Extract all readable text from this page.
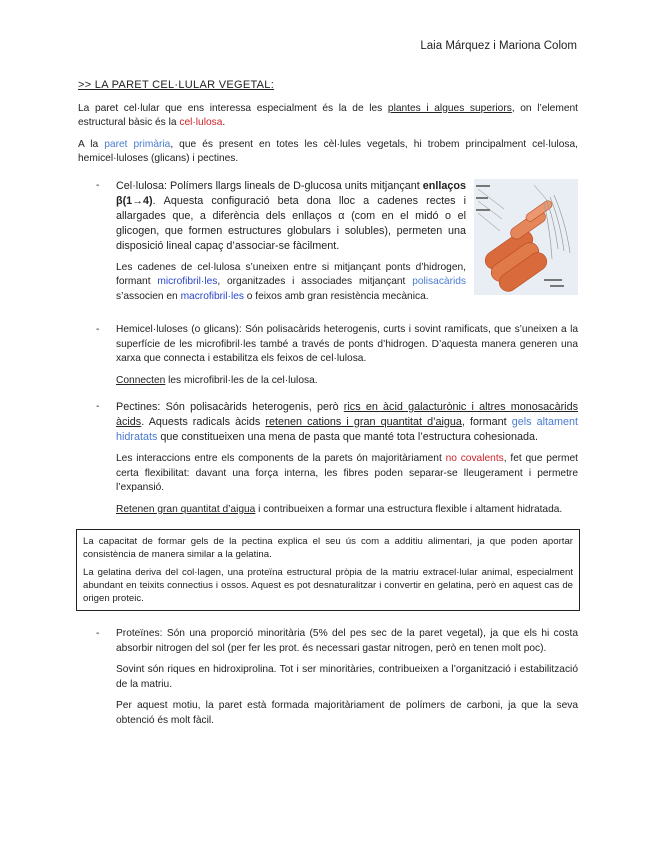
Laia Márquez i Mariona Colom
>> LA PARET CEL·LULAR VEGETAL:

La paret cel·lular que ens interessa especialment és la de les plantes i algues superiors, on l’element estructural bàsic és la cel·lulosa.

A la paret primària, que és present en totes les cèl·lules vegetals, hi trobem principalment cel·lulosa, hemicel·luloses (glicans) i pectines.

- Cel·lulosa: Polímers llargs lineals de D-glucosa units mitjançant enllaços β(1→4). Aquesta configuració beta dona lloc a cadenes rectes i allargades que, a diferència dels enllaços α (com en el midó o el glicogen, que formen estructures globulars i solubles), permeten una disposició lineal capaç d’associar-se fàcilment.

Les cadenes de cel·lulosa s’uneixen entre si mitjançant ponts d’hidrogen, formant microfibril·les, organitzades i associades mitjançant polisacàrids s’associen en macrofibril·les o feixos amb gran resistència mecànica.

- Hemicel·luloses (o glicans): Són polisacàrids heterogenis, curts i sovint ramificats, que s’uneixen a la superfície de les microfibril·les també a través de ponts d’hidrogen. D’aquesta manera generen una xarxa que connecta i estabilitza els feixos de cel·lulosa.

Connecten les microfibril·les de la cel·lulosa.

- Pectines: Són polisacàrids heterogenis, però rics en àcid galacturònic i altres monosacàrids àcids. Aquests radicals àcids retenen cations i gran quantitat d’aigua, formant gels altament hidratats que constitueixen una mena de pasta que manté tota l’estructura cohesionada.

Les interaccions entre els components de la parets ón majoritàriament no covalents, fet que permet certa flexibilitat: davant una força interna, les fibres poden separar-se lleugerament i permetre l’expansió.

Retenen gran quantitat d’aigua i contribueixen a formar una estructura flexible i altament hidratada.

La capacitat de formar gels de la pectina explica el seu ús com a additiu alimentari, ja que poden aportar consistència de manera similar a la gelatina.

La gelatina deriva del col·lagen, una proteïna estructural pròpia de la matriu extracel·lular animal, especialment abundant en teixits connectius i ossos. Aquest es pot desnaturalitzar i convertir en gelatina, però en aquest cas de origen proteic.

- Proteïnes: Són una proporció minoritària (5% del pes sec de la paret vegetal), ja que els hi costa absorbir nitrogen del sol (per fer les prot. és necessari gastar nitrogen, però en tenen molt poc).

Sovint són riques en hidroxiprolina. Tot i ser minoritàries, contribueixen a l’organització i estabilització de la matriu.

Per aquest motiu, la paret està formada majoritàriament de polímers de carboni, ja que la seva obtenció és molt fàcil.
